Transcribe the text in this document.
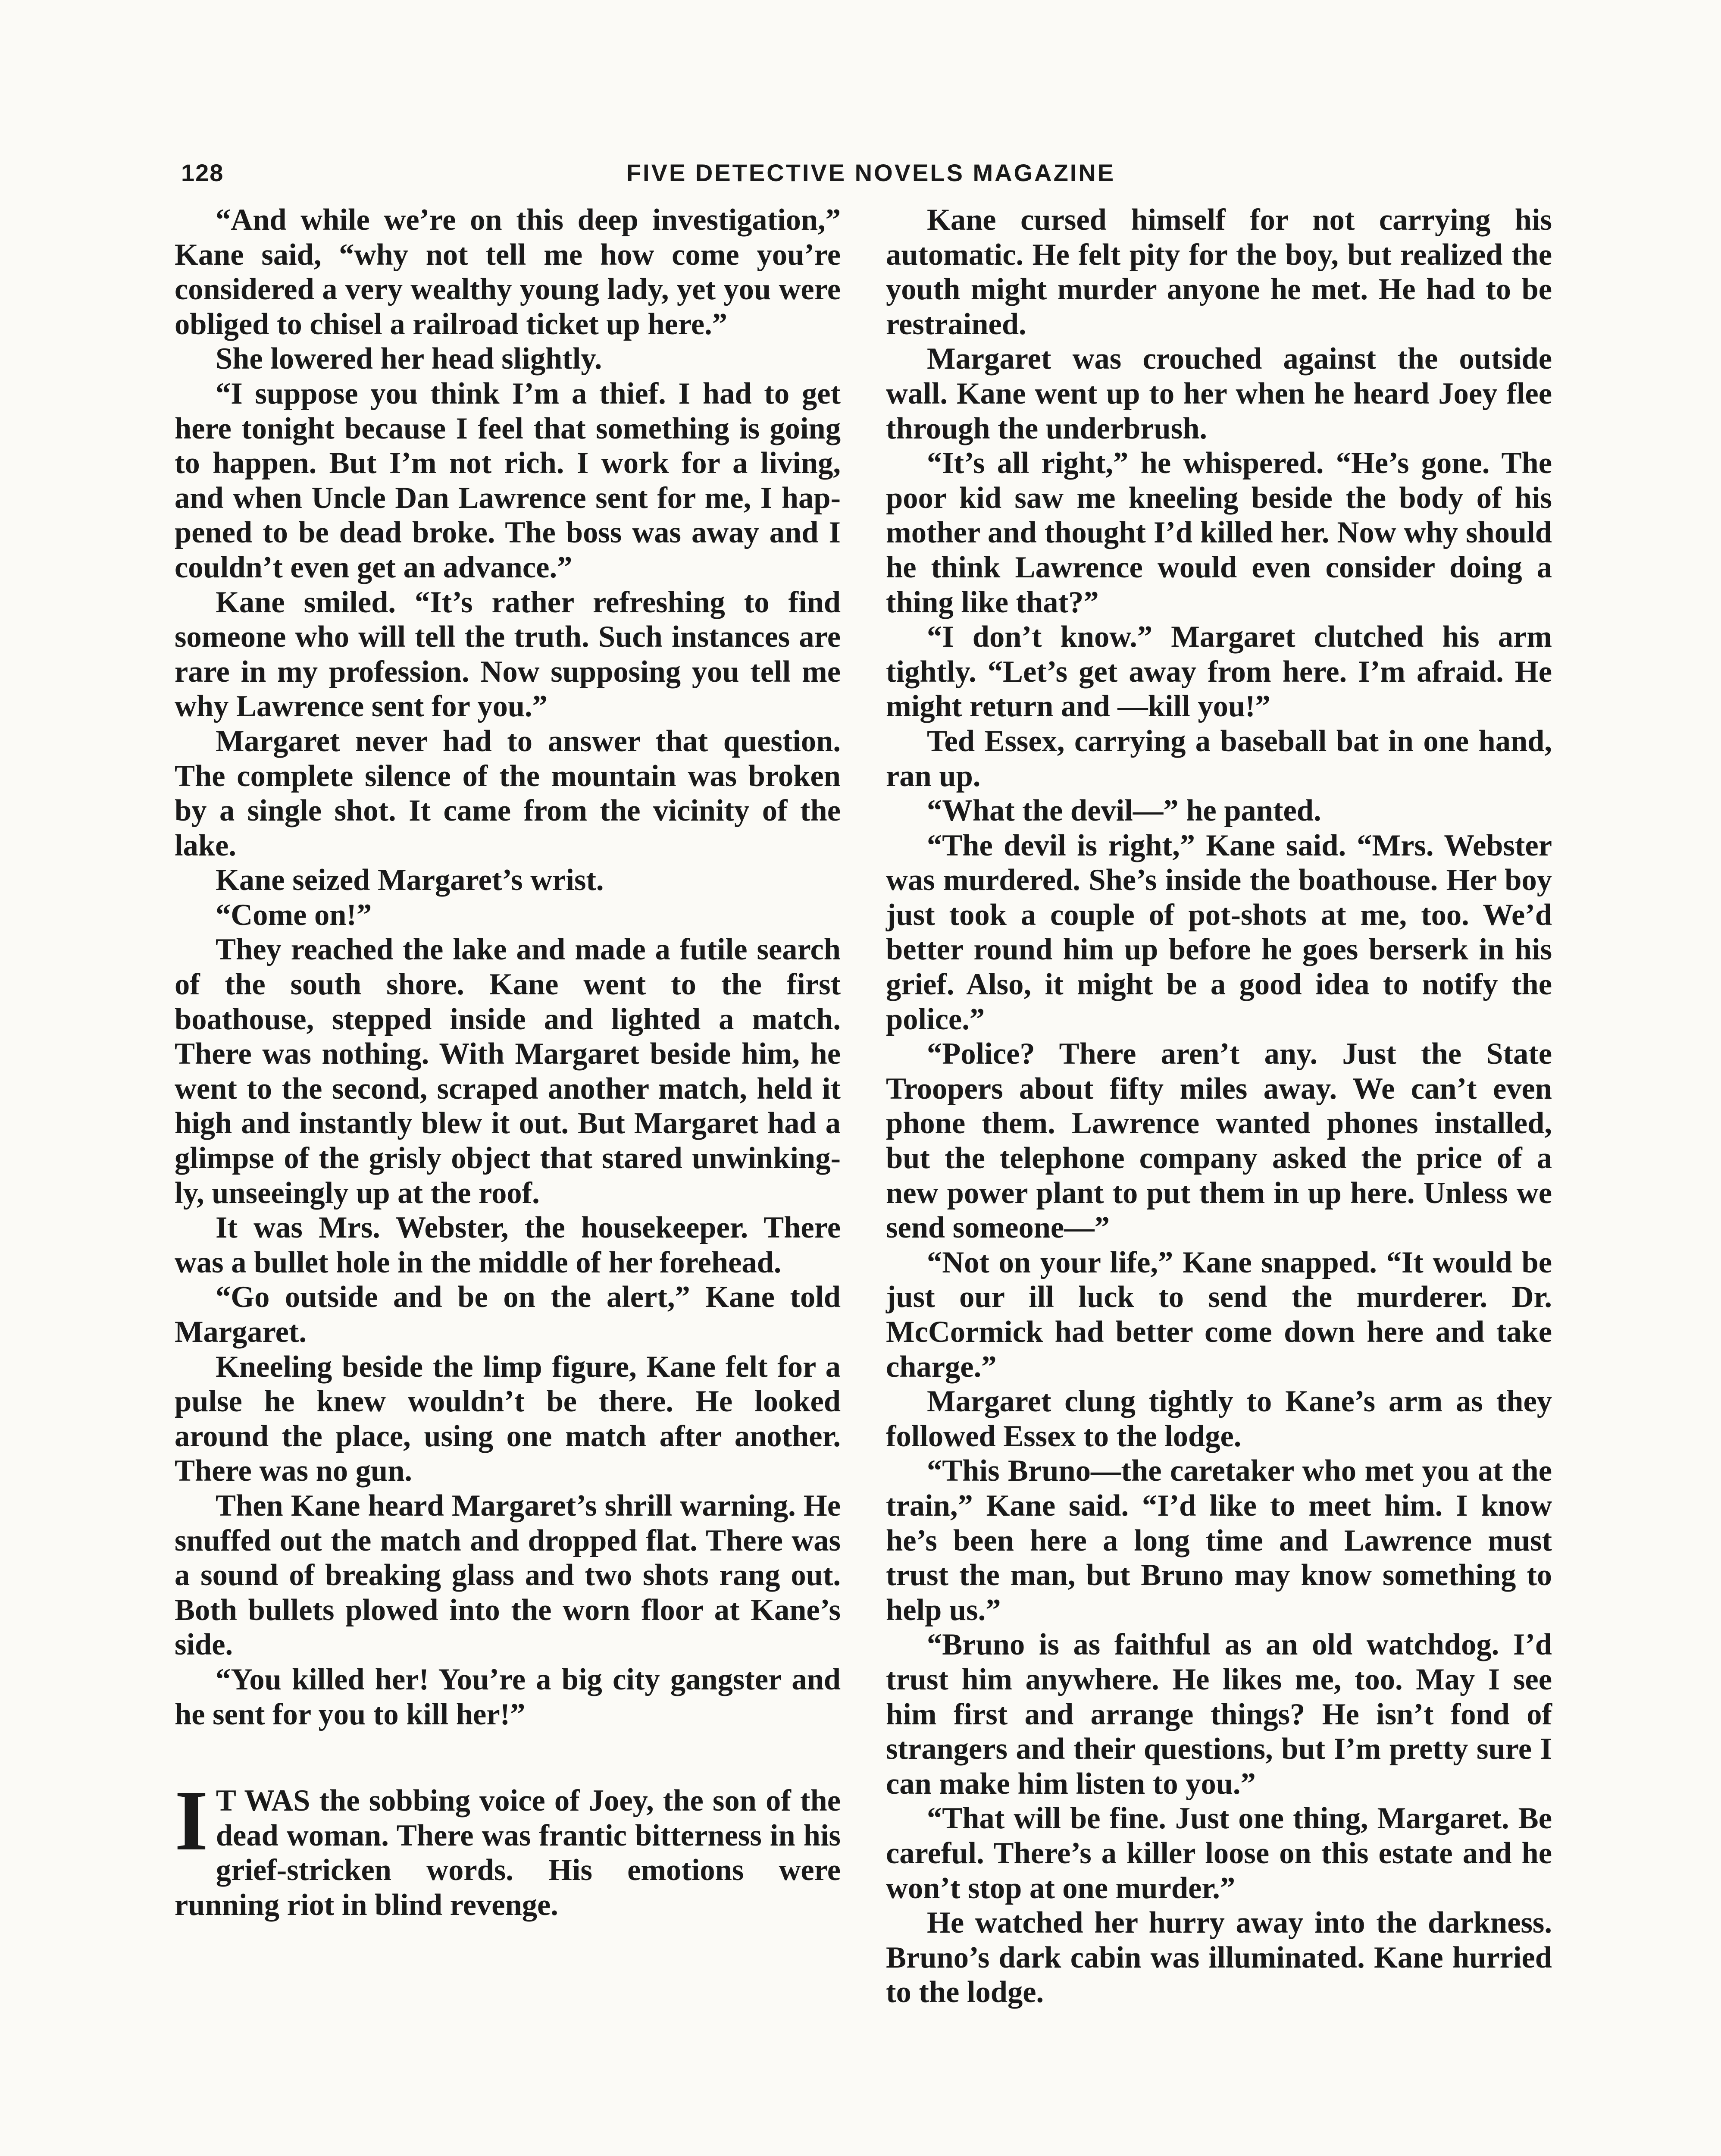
128	FIVE DETECTIVE NOVELS MAGAZINE

“And while we’re on this deep investigation,” Kane said, “why not tell me how come you’re considered a very wealthy young lady, yet you were obliged to chisel a railroad ticket up here.”

She lowered her head slightly.

“I suppose you think I’m a thief. I had to get here tonight because I feel that something is going to happen. But I’m not rich. I work for a living, and when Uncle Dan Lawrence sent for me, I happened to be dead broke. The boss was away and I couldn’t even get an advance.”

Kane smiled. “It’s rather refreshing to find someone who will tell the truth. Such instances are rare in my profession. Now supposing you tell me why Lawrence sent for you.”

Margaret never had to answer that question. The complete silence of the mountain was broken by a single shot. It came from the vicinity of the lake.

Kane seized Margaret’s wrist.

“Come on!”

They reached the lake and made a futile search of the south shore. Kane went to the first boathouse, stepped inside and lighted a match. There was nothing. With Margaret beside him, he went to the second, scraped another match, held it high and instantly blew it out. But Margaret had a glimpse of the grisly object that stared unwinkingly, unseeingly up at the roof.

It was Mrs. Webster, the housekeeper. There was a bullet hole in the middle of her forehead.

“Go outside and be on the alert,” Kane told Margaret.

Kneeling beside the limp figure, Kane felt for a pulse he knew wouldn’t be there. He looked around the place, using one match after another. There was no gun.

Then Kane heard Margaret’s shrill warning. He snuffed out the match and dropped flat. There was a sound of breaking glass and two shots rang out. Both bullets plowed into the worn floor at Kane’s side.

“You killed her! You’re a big city gangster and he sent for you to kill her!”

I T WAS the sobbing voice of Joey, the son of the dead woman. There was frantic bitterness in his grief-stricken words. His emotions were running riot in blind revenge.

Kane cursed himself for not carrying his automatic. He felt pity for the boy, but realized the youth might murder anyone he met. He had to be restrained.

Margaret was crouched against the outside wall. Kane went up to her when he heard Joey flee through the underbrush.

“It’s all right,” he whispered. “He’s gone. The poor kid saw me kneeling beside the body of his mother and thought I’d killed her. Now why should he think Lawrence would even consider doing a thing like that?”

“I don’t know.” Margaret clutched his arm tightly. “Let’s get away from here. I’m afraid. He might return and —kill you!”

Ted Essex, carrying a baseball bat in one hand, ran up.

“What the devil—” he panted.

“The devil is right,” Kane said. “Mrs. Webster was murdered. She’s inside the boathouse. Her boy just took a couple of pot-shots at me, too. We’d better round him up before he goes berserk in his grief. Also, it might be a good idea to notify the police.”

“Police? There aren’t any. Just the State Troopers about fifty miles away. We can’t even phone them. Lawrence wanted phones installed, but the telephone company asked the price of a new power plant to put them in up here. Unless we send someone—”

“Not on your life,” Kane snapped. “It would be just our ill luck to send the murderer. Dr. McCormick had better come down here and take charge.”

Margaret clung tightly to Kane’s arm as they followed Essex to the lodge.

“This Bruno—the caretaker who met you at the train,” Kane said. “I’d like to meet him. I know he’s been here a long time and Lawrence must trust the man, but Bruno may know something to help us.”

“Bruno is as faithful as an old watchdog. I’d trust him anywhere. He likes me, too. May I see him first and arrange things? He isn’t fond of strangers and their questions, but I’m pretty sure I can make him listen to you.”

“That will be fine. Just one thing, Margaret. Be careful. There’s a killer loose on this estate and he won’t stop at one murder.”

He watched her hurry away into the darkness. Bruno’s dark cabin was illuminated. Kane hurried to the lodge.
